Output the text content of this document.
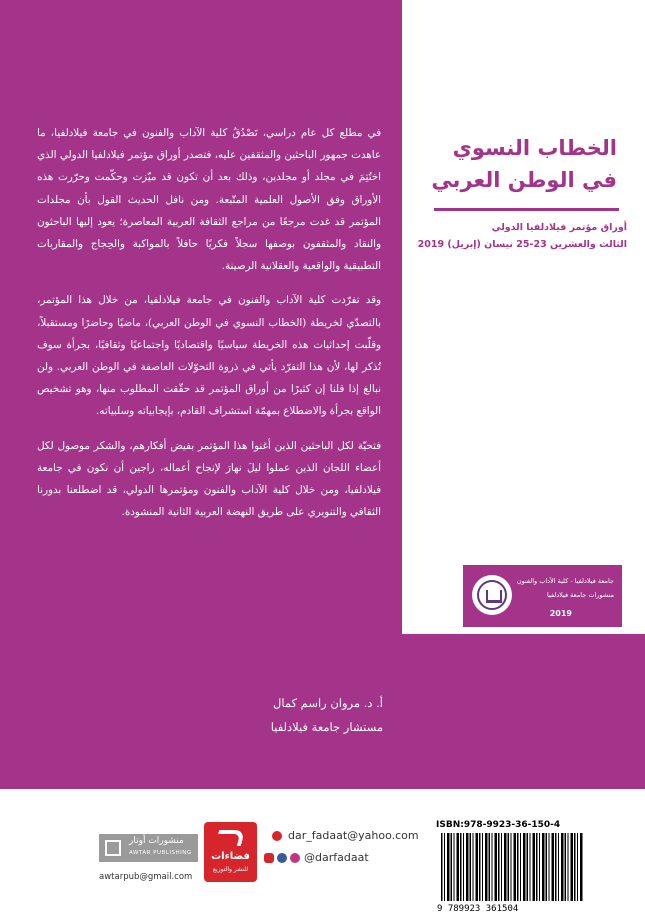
الخطاب النسوي
في الوطن العربي
أوراق مؤتمر فيلادلفيا الدولي
الثالث والعشرين 23-25 نيسان (إبريل) 2019
جامعة فيلادلفيا - كلية الآداب والفنون
منشورات جامعة فيلادلفيا
2019

في مطلع كل عام دراسي، تَصْدُقُ كلية الآداب والفنون في جامعة فيلادلفيا، ما عاهدت جمهور الباحثين والمثقفين عليه، فتصدر أوراق مؤتمر فيلادلفيا الدولي الذي اختُتِمَ في مجلد أو مجلدين، وذلك بعد أن تكون قد ميّزت وحكّمت وحرّرت هذه الأوراق وفق الأصول العلمية المتّبعة. ومن نافل الحديث القول بأن مجلدات المؤتمر قد غدت مرجعًا من مراجع الثقافة العربية المعاصرة؛ يعود إليها الباحثون والنقاد والمثقفون بوصفها سجلاً فكريًا حافلاً بالمواكبة والحِجاج والمقاربات التطبيقية والواقعية والعقلانية الرصينة.

وقد تفرّدت كلية الآداب والفنون في جامعة فيلادلفيا، من خلال هذا المؤتمر، بالتصدّي لخريطة (الخطاب النسوي في الوطن العربي)، ماضيًا وحاضرًا ومستقبلاً، وقلّبت إحداثيات هذه الخريطة سياسيًا واقتصاديًا واجتماعيًا وثقافيًا، بجرأة سوف تُذكر لها، لأن هذا التفرّد يأتي في ذروة التحوّلات العاصفة في الوطن العربي. ولن نبالغ إذا قلنا إن كثيرًا من أوراق المؤتمر قد حقّقت المطلوب منها، وهو تشخيص الواقع بجرأة والاضطلاع بمهمّة استشراف القادم، بإيجابياته وسلبياته.

فتحيّة لكل الباحثين الذين أغنوا هذا المؤتمر بفيض أفكارهم، والشكر موصول لكل أعضاء اللجان الذين عملوا ليلَ نهارَ لإنجاح أعماله، راجين أن نكون في جامعة فيلادلفيا، ومن خلال كلية الآداب والفنون ومؤتمرها الدولي، قد اضطلعنا بدورنا الثقافي والتنويري على طريق النهضة العربية الثانية المنشودة.

أ. د. مروان راسم كمال
مستشار جامعة فيلادلفيا
منشورات أوتار
AWTAR PUBLISHING
awtarpub@gmail.com
فضاءات
للنشر والتوزيع
dar_fadaat@yahoo.com
@darfadaat
ISBN:978-9923-36-150-4
9 789923 361504
